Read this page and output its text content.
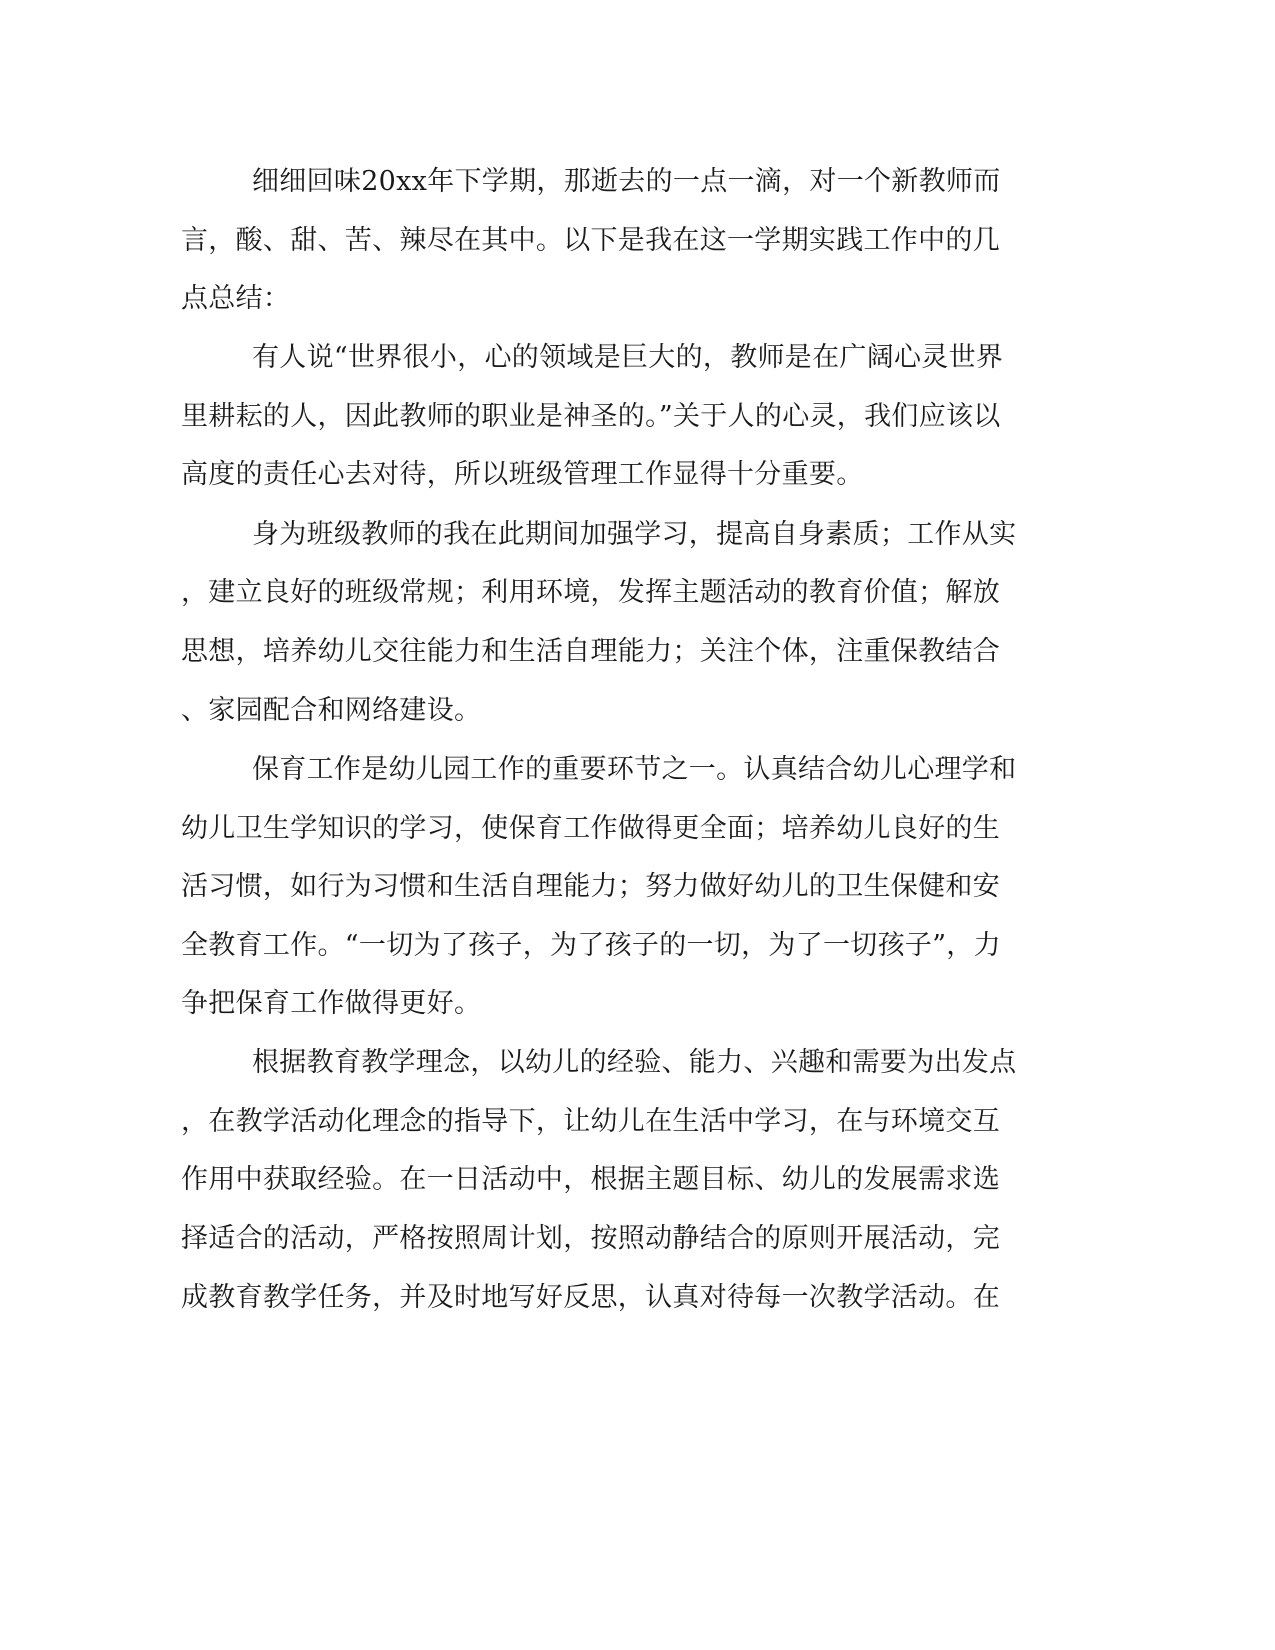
细细回味20xx年下学期，那逝去的一点一滴，对一个新教师而
言，酸、甜、苦、辣尽在其中。以下是我在这一学期实践工作中的几
点总结：
有人说“世界很小，心的领域是巨大的，教师是在广阔心灵世界
里耕耘的人，因此教师的职业是神圣的。”关于人的心灵，我们应该以
高度的责任心去对待，所以班级管理工作显得十分重要。
身为班级教师的我在此期间加强学习，提高自身素质；工作从实
，建立良好的班级常规；利用环境，发挥主题活动的教育价值；解放
思想，培养幼儿交往能力和生活自理能力；关注个体，注重保教结合
、家园配合和网络建设。
保育工作是幼儿园工作的重要环节之一。认真结合幼儿心理学和
幼儿卫生学知识的学习，使保育工作做得更全面；培养幼儿良好的生
活习惯，如行为习惯和生活自理能力；努力做好幼儿的卫生保健和安
全教育工作。“一切为了孩子，为了孩子的一切，为了一切孩子”，力
争把保育工作做得更好。
根据教育教学理念，以幼儿的经验、能力、兴趣和需要为出发点
，在教学活动化理念的指导下，让幼儿在生活中学习，在与环境交互
作用中获取经验。在一日活动中，根据主题目标、幼儿的发展需求选
择适合的活动，严格按照周计划，按照动静结合的原则开展活动，完
成教育教学任务，并及时地写好反思，认真对待每一次教学活动。在
